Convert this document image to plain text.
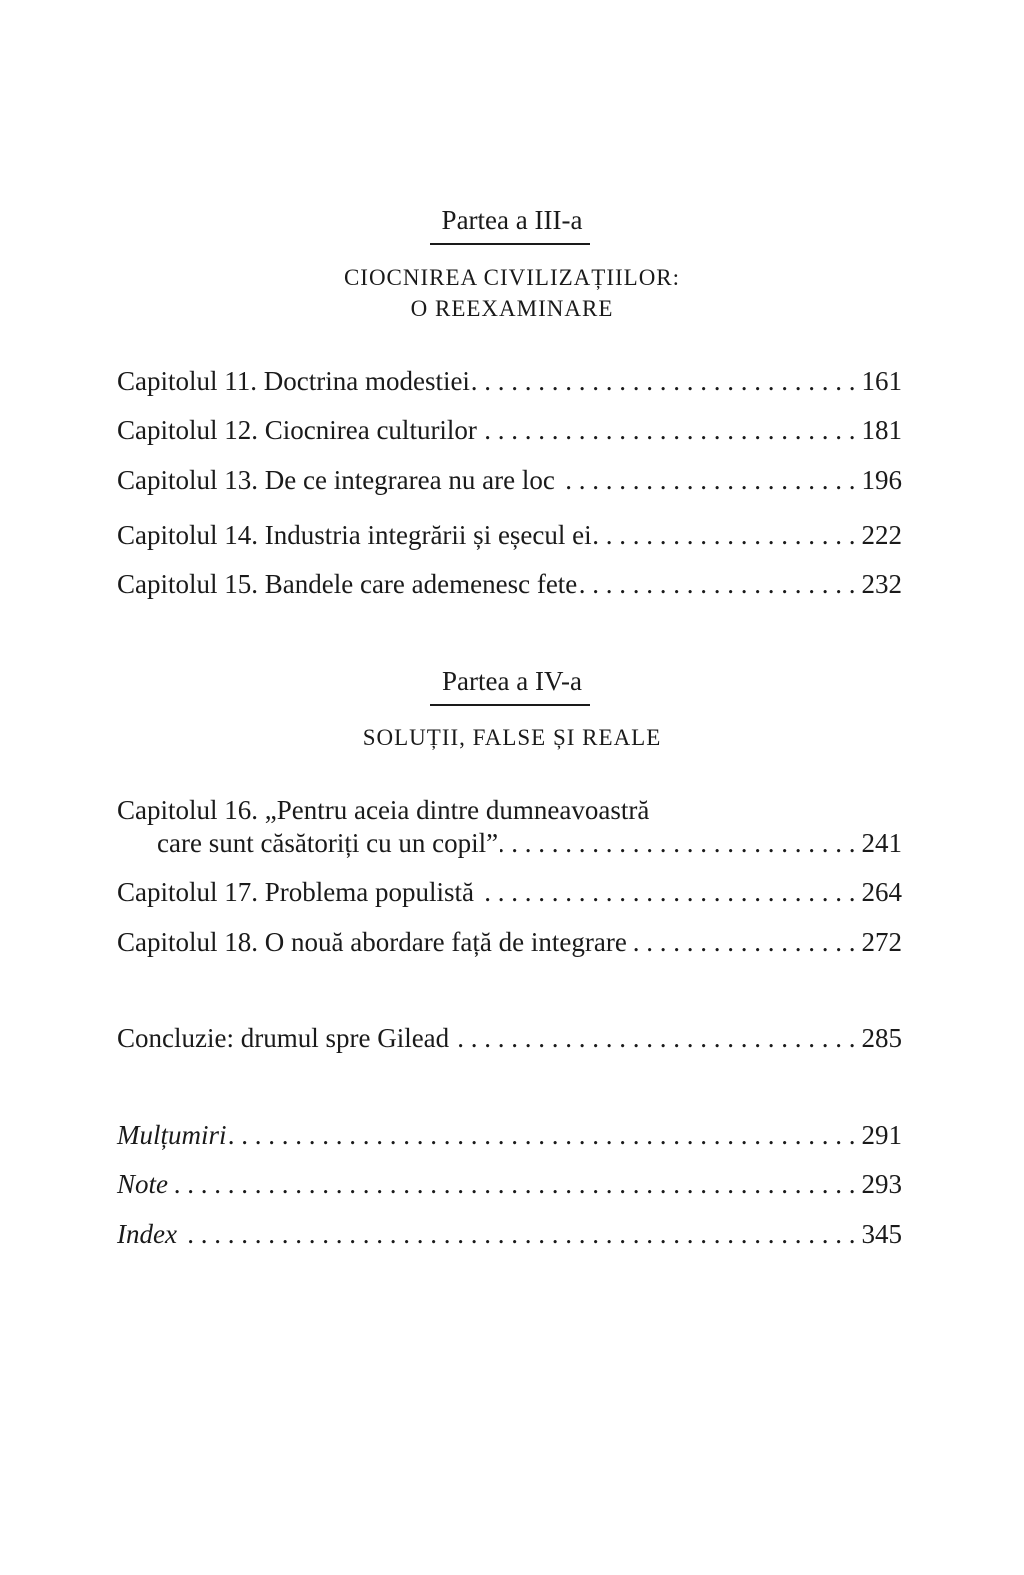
Partea a III-a
CIOCNIREA CIVILIZAȚIILOR:
O REEXAMINARE
Capitolul 11. Doctrina modestiei . . .	161
Capitolul 12. Ciocnirea culturilor . . .	181
Capitolul 13. De ce integrarea nu are loc . . .	196
Capitolul 14. Industria integrării și eșecul ei . . .	222
Capitolul 15. Bandele care ademenesc fete . . .	232
Partea a IV-a
SOLUȚII, FALSE ȘI REALE
Capitolul 16. „Pentru aceia dintre dumneavoastră
care sunt căsătoriți cu un copil” . . .	241
Capitolul 17. Problema populistă . . .	264
Capitolul 18. O nouă abordare față de integrare . . .	272
Concluzie: drumul spre Gilead . . .	285
Mulțumiri . . .	291
Note . . .	293
Index . . .	345
